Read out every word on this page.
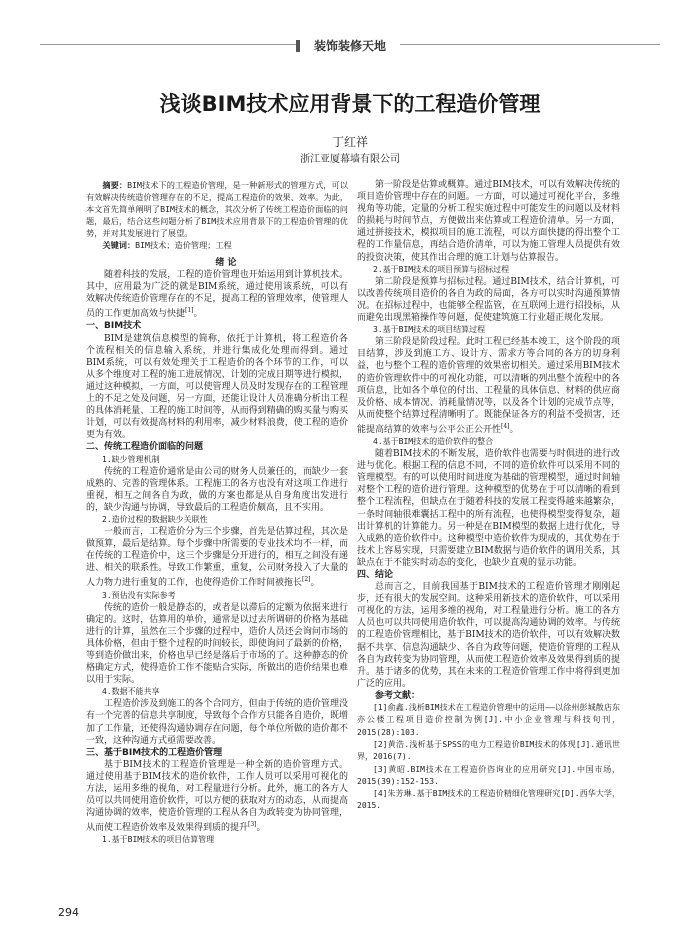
装饰装修天地
浅谈BIM技术应用背景下的工程造价管理
丁红祥
浙江亚厦幕墙有限公司

摘要：BIM技术下的工程造价管理，是一种新形式的管理方式，可以有效解决传统造价管理存在的不足，提高工程造价的效果、效率。为此，本文首先简单阐明了BIM技术的概念，其次分析了传统工程造价面临的问题，最后，结合这些问题分析了BIM技术应用背景下的工程造价管理的优势，并对其发展进行了展望。

关键词：BIM技术；造价管理；工程

绪 论

随着科技的发展，工程的造价管理也开始运用到计算机技术。其中，应用最为广泛的就是BIM系统，通过使用该系统，可以有效解决传统造价管理存在的不足，提高工程的管理效率，使管理人员的工作更加高效与快捷[1]。

一、BIM技术

BIM是建筑信息模型的简称，依托于计算机，将工程造价各个流程相关的信息输入系统，并进行集成化处理而得到。通过BIM系统，可以有效处理关于工程造价的各个环节的工作，可以从多个维度对工程的施工进展情况、计划的完成日期等进行模拟，通过这种模拟，一方面，可以使管理人员及时发现存在的工程管理上的不足之处及问题，另一方面，还能让设计人员准确分析出工程的具体消耗量、工程的施工时间等，从而得到精确的购买量与购买计划，可以有效提高材料的利用率，减少材料浪费，使工程的造价更为有效。

二、传统工程造价面临的问题

1.缺少管理机制

传统的工程造价通常是由公司的财务人员兼任的，而缺少一套成熟的、完善的管理体系。工程施工的各方也没有对这项工作进行重视，相互之间各自为政，做的方案也都是从自身角度出发进行的，缺少沟通与协调，导致最后的工程造价颇高，且不实用。

2.造价过程的数据缺少关联性

一般而言，工程造价分为三个步骤，首先是估算过程，其次是做预算，最后是结算。每个步骤中所需要的专业技术均不一样，而在传统的工程造价中，这三个步骤是分开进行的，相互之间没有递进、相关的联系性。导致工作繁重，重复，公司财务投入了大量的人力物力进行重复的工作，也使得造价工作时间被拖长[2]。

3.预估没有实际参考

传统的造价一般是静态的，或者是以滞后的定额为依据来进行确定的。这时，估算用的单价，通常是以过去所调研的价格为基础进行的计算，虽然在三个步骤的过程中，造价人员还会询问市场的具体价格，但由于整个过程的时间较长，即使询问了最新的价格，等到造价做出来，价格也早已经是落后于市场的了。这种静态的价格确定方式，使得造价工作不能贴合实际，所做出的造价结果也难以用于实际。

4.数据不能共享

工程造价涉及到施工的各个合同方，但由于传统的造价管理没有一个完善的信息共享制度，导致每个合作方只能各自造价，既增加了工作量，还使得沟通协调存在问题，每个单位所做的造价都不一致，这种沟通方式亟需要改善。

三、基于BIM技术的工程造价管理

基于BIM技术的工程造价管理是一种全新的造价管理方式。通过使用基于BIM技术的造价软件，工作人员可以采用可视化的方法，运用多维的视角，对工程量进行分析。此外，施工的各方人员可以共同使用造价软件，可以方便的获取对方的动态，从而提高沟通协调的效率，使造价管理的工程从各自为政转变为协同管理，从而使工程造价效率及效果得到质的提升[3]。

1.基于BIM技术的项目估算管理

第一阶段是估算或概算。通过BIM技术，可以有效解决传统的项目造价管理中存在的问题。一方面，可以通过可视化平台，多维视角等功能，定量的分析工程实施过程中可能发生的问题以及材料的损耗与时间节点，方便做出来估算或工程造价清单。另一方面，通过拼接技术，模拟项目的施工流程，可以方面快捷的得出整个工程的工作量信息，再结合造价清单，可以为施工管理人员提供有效的投资决策，使其作出合理的施工计划与估算报告。

2.基于BIM技术的项目预算与招标过程

第二阶段是预算与招标过程。通过BIM技术，结合计算机，可以改善传统项目造价的各自为政的局面，各方可以实时沟通预算情况。在招标过程中，也能够全程监管，在互联网上进行招投标，从而避免出现黑箱操作等问题，促使建筑施工行业超正规化发展。

3.基于BIM技术的项目结算过程

第三阶段是阶段过程。此时工程已经基本竣工，这个阶段的项目结算，涉及到施工方、设计方、需求方等合同的各方的切身利益，也与整个工程的造价管理的效果密切相关。通过采用BIM技术的造价管理软件中的可视化功能，可以清晰的列出整个流程中的各项信息，比如各个单位的付出、工程量的具体信息、材料的供应商及价格、成本情况、消耗量情况等，以及各个计划的完成节点等，从而使整个结算过程清晰明了。既能保证各方的利益不受损害，还能提高结算的效率与公平公正公开性[4]。

4.基于BIM技术的造价软件的整合

随着BIM技术的不断发展，造价软件也需要与时俱进的进行改进与优化。根据工程的信息不同，不同的造价软件可以采用不同的管理模型。有的可以使用时间进度为基础的管理模型，通过时间轴对整个工程的造价进行管理。这种模型的优势在于可以清晰的看到整个工程流程，但缺点在于随着科技的发展工程变得越来越繁杂，一条时间轴很难囊括工程中的所有流程，也使得模型变得复杂，超出计算机的计算能力。另一种是在BIM模型的数据上进行优化，导入成熟的造价软件中。这种模型中造价软件为现成的，其优势在于技术上容易实现，只需要建立BIM数据与造价软件的调用关系，其缺点在于不能实时动态的变化，也缺少直观的显示功能。

四、结论

总而言之，目前我国基于BIM技术的工程造价管理才刚刚起步，还有很大的发展空间。这种采用新技术的造价软件，可以采用可视化的方法，运用多维的视角，对工程量进行分析。施工的各方人员也可以共同使用造价软件，可以提高沟通协调的效率。与传统的工程造价管理相比，基于BIM技术的造价软件，可以有效解决数据不共享、信息沟通缺少、各自为政等问题，使造价管理的工程从各自为政转变为协同管理，从而使工程造价效率及效果得到质的提升。基于诸多的优势，其在未来的工程造价管理工作中将得到更加广泛的应用。

参考文献：

[1]俞鑫.浅析BIM技术在工程造价管理中的运用——以徐州彭城散店东亦公楼工程项目造价控制为例[J].中小企业管理与科技旬刊，2015(28):103.

[2]黄浩.浅析基于SPSS的电力工程造价BIM技术的体现[J].通讯世界，2016(7).

[3]黄昭.BIM技术在工程造价咨询业的应用研究[J].中国市场，2015(39):152-153.

[4]朱芳琳.基于BIM技术的工程造价精细化管理研究[D].西华大学，2015.

294
